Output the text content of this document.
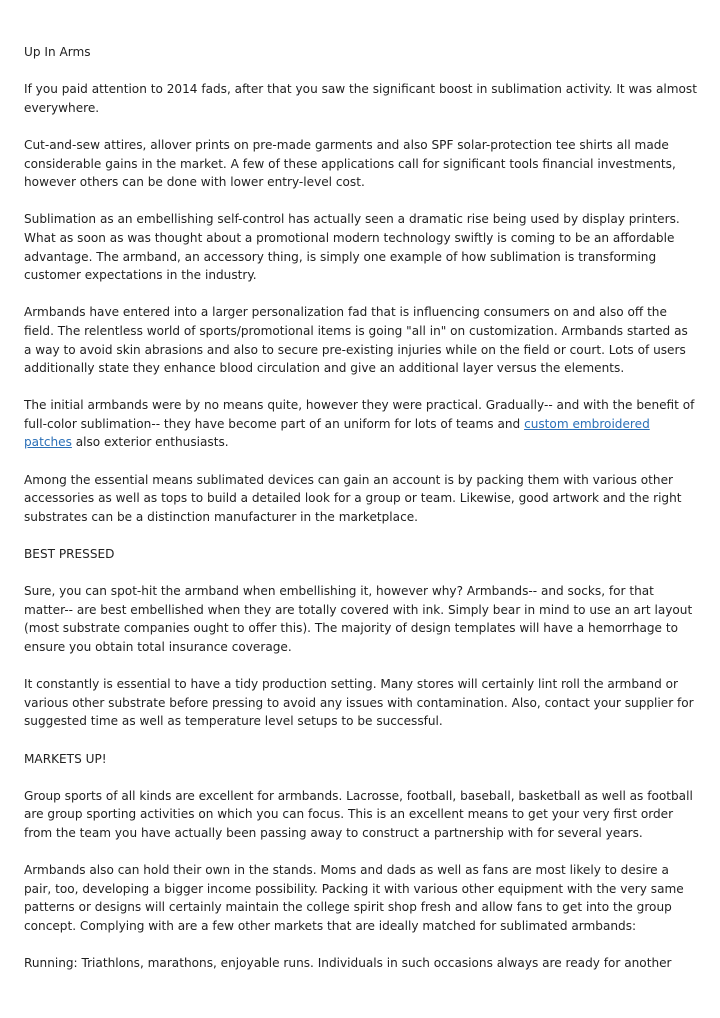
Up In Arms

If you paid attention to 2014 fads, after that you saw the significant boost in sublimation activity. It was almost everywhere.

Cut-and-sew attires, allover prints on pre-made garments and also SPF solar-protection tee shirts all made considerable gains in the market. A few of these applications call for significant tools financial investments, however others can be done with lower entry-level cost.

Sublimation as an embellishing self-control has actually seen a dramatic rise being used by display printers. What as soon as was thought about a promotional modern technology swiftly is coming to be an affordable advantage. The armband, an accessory thing, is simply one example of how sublimation is transforming customer expectations in the industry.

Armbands have entered into a larger personalization fad that is influencing consumers on and also off the field. The relentless world of sports/promotional items is going "all in" on customization. Armbands started as a way to avoid skin abrasions and also to secure pre-existing injuries while on the field or court. Lots of users additionally state they enhance blood circulation and give an additional layer versus the elements.

The initial armbands were by no means quite, however they were practical. Gradually-- and with the benefit of full-color sublimation-- they have become part of an uniform for lots of teams and custom embroidered patches also exterior enthusiasts.

Among the essential means sublimated devices can gain an account is by packing them with various other accessories as well as tops to build a detailed look for a group or team. Likewise, good artwork and the right substrates can be a distinction manufacturer in the marketplace.

BEST PRESSED

Sure, you can spot-hit the armband when embellishing it, however why? Armbands-- and socks, for that matter-- are best embellished when they are totally covered with ink. Simply bear in mind to use an art layout (most substrate companies ought to offer this). The majority of design templates will have a hemorrhage to ensure you obtain total insurance coverage.

It constantly is essential to have a tidy production setting. Many stores will certainly lint roll the armband or various other substrate before pressing to avoid any issues with contamination. Also, contact your supplier for suggested time as well as temperature level setups to be successful.

MARKETS UP!

Group sports of all kinds are excellent for armbands. Lacrosse, football, baseball, basketball as well as football are group sporting activities on which you can focus. This is an excellent means to get your very first order from the team you have actually been passing away to construct a partnership with for several years.

Armbands also can hold their own in the stands. Moms and dads as well as fans are most likely to desire a pair, too, developing a bigger income possibility. Packing it with various other equipment with the very same patterns or designs will certainly maintain the college spirit shop fresh and allow fans to get into the group concept. Complying with are a few other markets that are ideally matched for sublimated armbands:

Running: Triathlons, marathons, enjoyable runs. Individuals in such occasions always are ready for another
